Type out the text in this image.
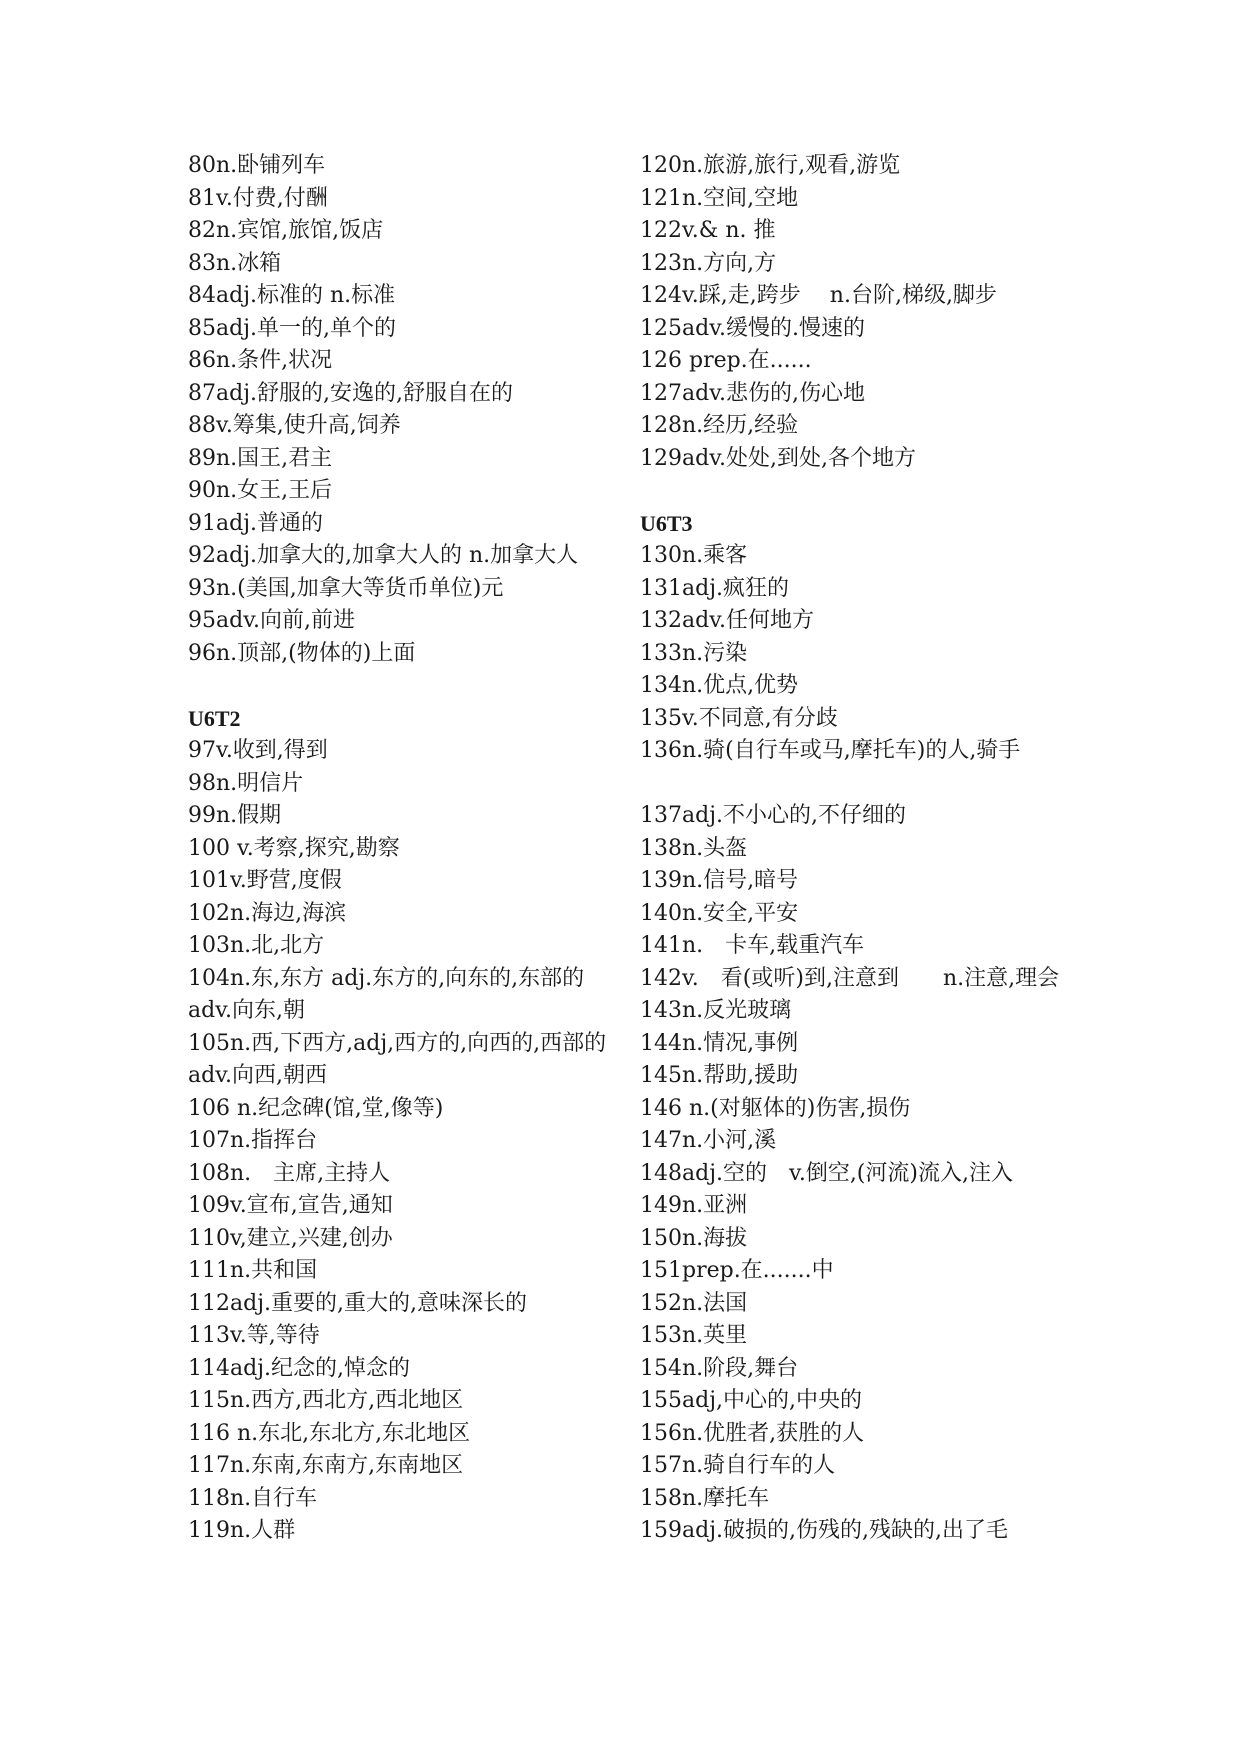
80n.卧铺列车

81v.付费,付酬

82n.宾馆,旅馆,饭店

83n.冰箱

84adj.标准的 n.标准

85adj.单一的,单个的

86n.条件,状况

87adj.舒服的,安逸的,舒服自在的

88v.筹集,使升高,饲养

89n.国王,君主

90n.女王,王后

91adj.普通的

92adj.加拿大的,加拿大人的 n.加拿大人

93n.(美国,加拿大等货币单位)元

95adv.向前,前进

96n.顶部,(物体的)上面

U6T2

97v.收到,得到

98n.明信片

99n.假期

100 v.考察,探究,勘察

101v.野营,度假

102n.海边,海滨

103n.北,北方

104n.东,东方 adj.东方的,向东的,东部的　 adv.向东,朝

105n.西,下西方,adj,西方的,向西的,西部的　adv.向西,朝西

106 n.纪念碑(馆,堂,像等)

107n.指挥台

108n.　主席,主持人

109v.宣布,宣告,通知

110v,建立,兴建,创办

111n.共和国

112adj.重要的,重大的,意味深长的

113v.等,等待

114adj.纪念的,悼念的

115n.西方,西北方,西北地区

116 n.东北,东北方,东北地区

117n.东南,东南方,东南地区

118n.自行车

119n.人群

120n.旅游,旅行,观看,游览

121n.空间,空地

122v.& n. 推

123n.方向,方

124v.踩,走,跨步　 n.台阶,梯级,脚步

125adv.缓慢的.慢速的

126 prep.在......

127adv.悲伤的,伤心地

128n.经历,经验

129adv.处处,到处,各个地方

U6T3

130n.乘客

131adj.疯狂的

132adv.任何地方

133n.污染

134n.优点,优势

135v.不同意,有分歧

136n.骑(自行车或马,摩托车)的人,骑手

137adj.不小心的,不仔细的

138n.头盔

139n.信号,暗号

140n.安全,平安

141n.　卡车,载重汽车

142v.　看(或听)到,注意到　　n.注意,理会

143n.反光玻璃

144n.情况,事例

145n.帮助,援助

146 n.(对躯体的)伤害,损伤

147n.小河,溪

148adj.空的　v.倒空,(河流)流入,注入

149n.亚洲

150n.海拔

151prep.在.......中

152n.法国

153n.英里

154n.阶段,舞台

155adj,中心的,中央的

156n.优胜者,获胜的人

157n.骑自行车的人

158n.摩托车

159adj.破损的,伤残的,残缺的,出了毛
